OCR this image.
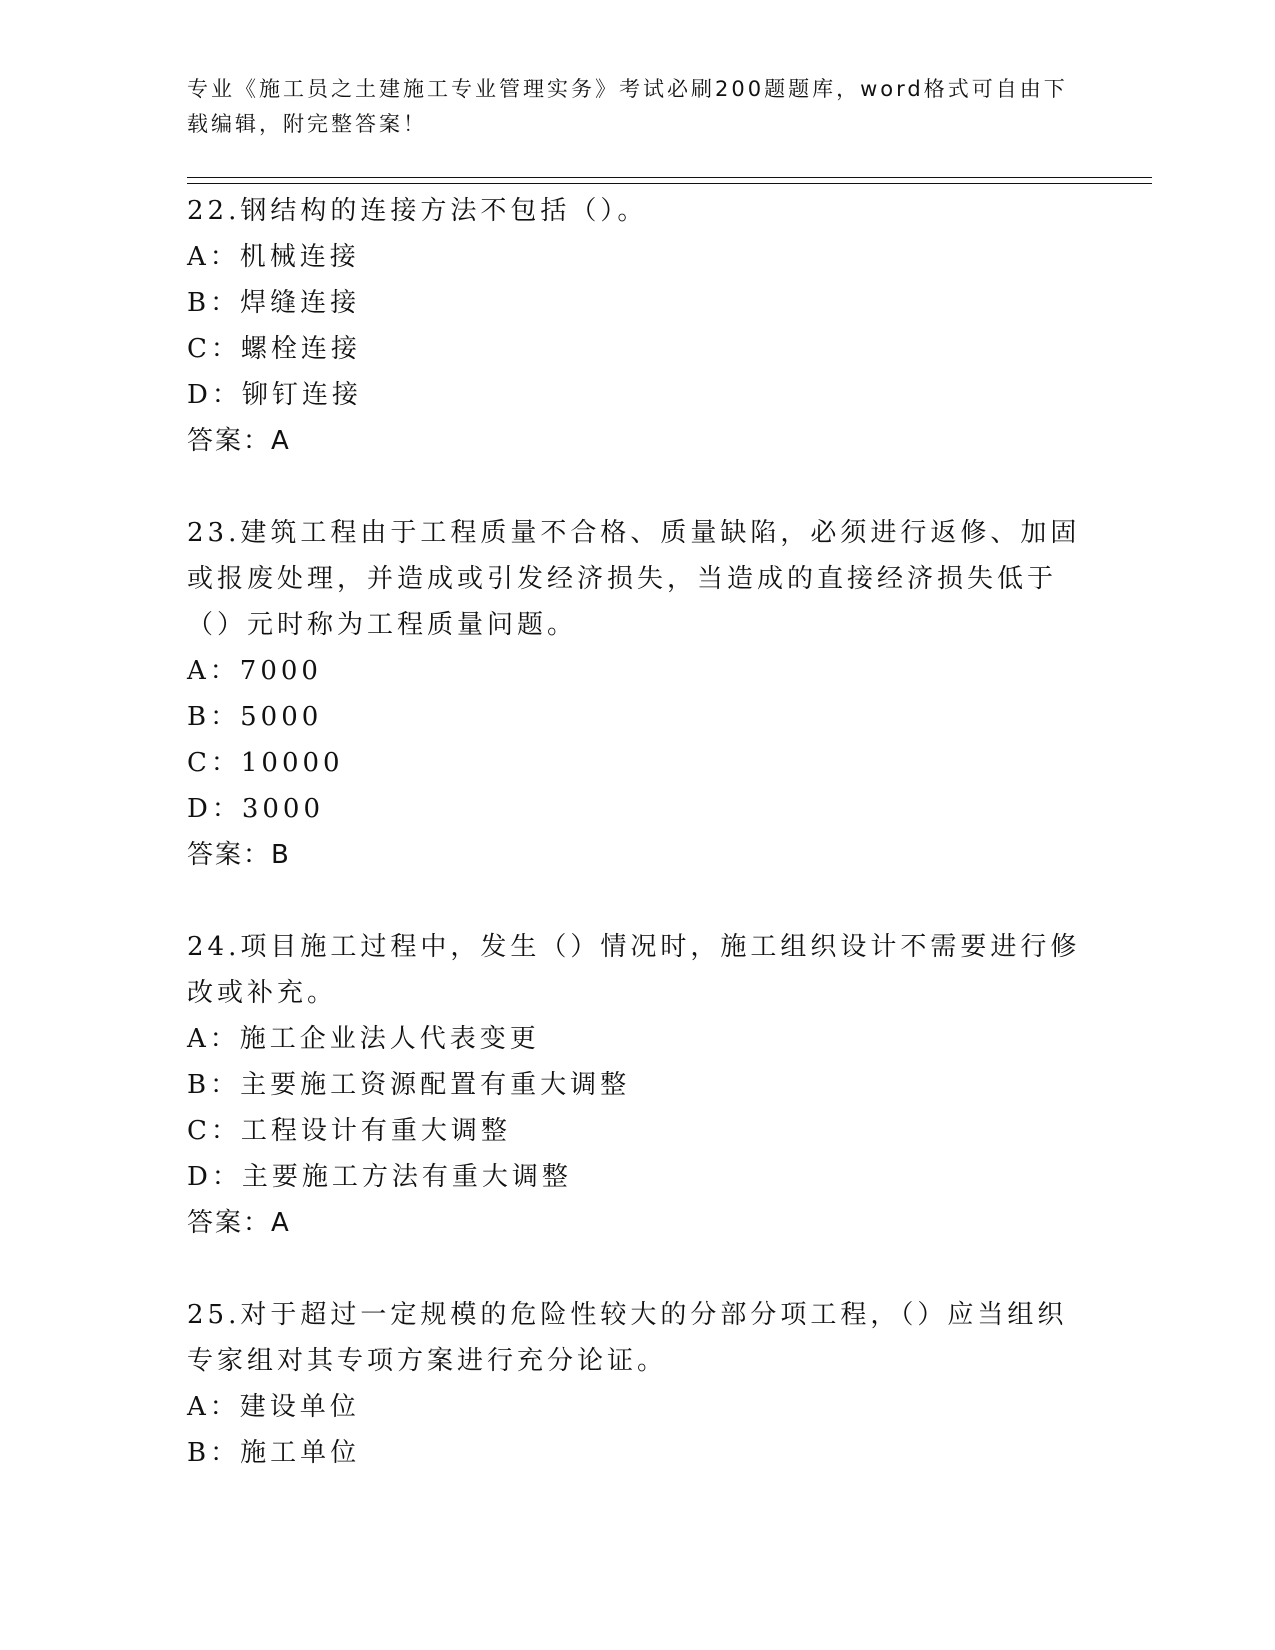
专业《施工员之土建施工专业管理实务》考试必刷200题题库，word格式可自由下载编辑，附完整答案！
22.钢结构的连接方法不包括（）。
A：机械连接
B：焊缝连接
C：螺栓连接
D：铆钉连接
答案：A
23.建筑工程由于工程质量不合格、质量缺陷，必须进行返修、加固或报废处理，并造成或引发经济损失，当造成的直接经济损失低于（）元时称为工程质量问题。
A：7000
B：5000
C：10000
D：3000
答案：B
24.项目施工过程中，发生（）情况时，施工组织设计不需要进行修改或补充。
A：施工企业法人代表变更
B：主要施工资源配置有重大调整
C：工程设计有重大调整
D：主要施工方法有重大调整
答案：A
25.对于超过一定规模的危险性较大的分部分项工程，（）应当组织专家组对其专项方案进行充分论证。
A：建设单位
B：施工单位
